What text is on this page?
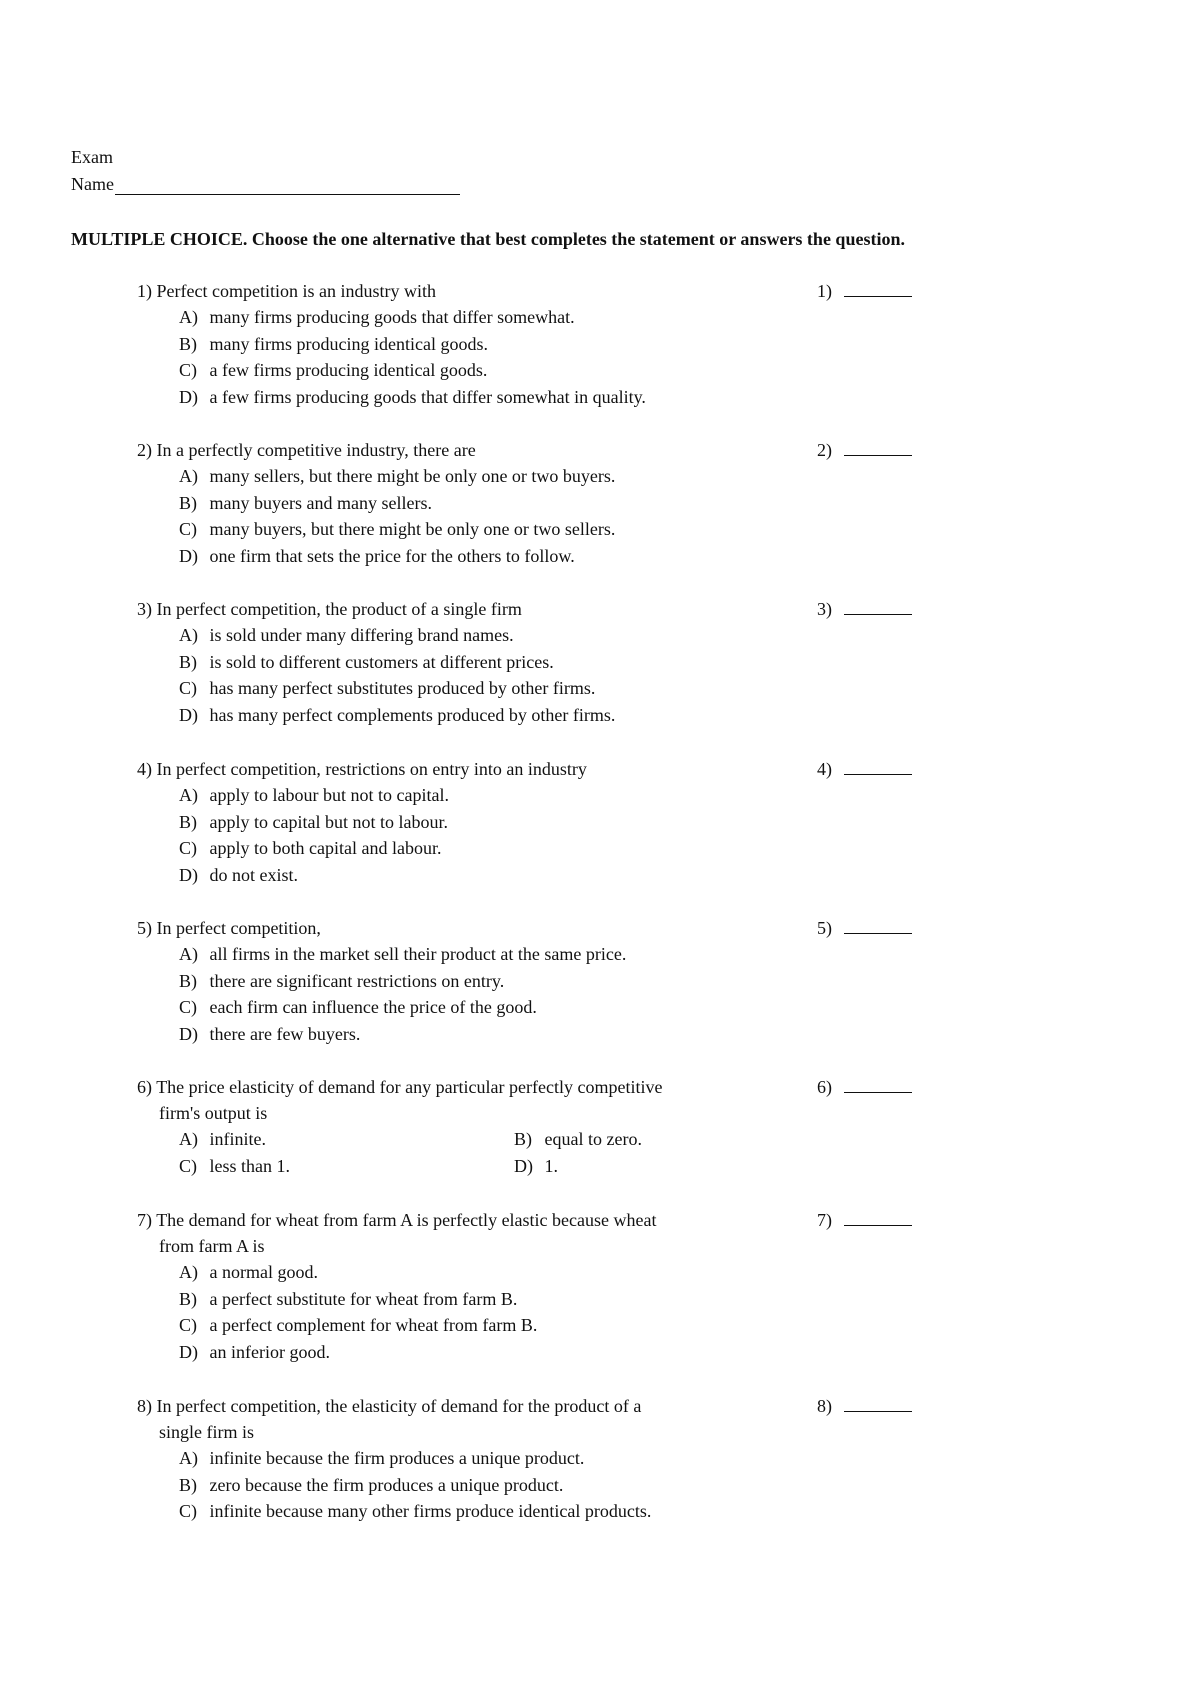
Exam
Name
MULTIPLE CHOICE. Choose the one alternative that best completes the statement or answers the question.
1) Perfect competition is an industry with	1)
A) many firms producing goods that differ somewhat.
B) many firms producing identical goods.
C) a few firms producing identical goods.
D) a few firms producing goods that differ somewhat in quality.
2) In a perfectly competitive industry, there are	2)
A) many sellers, but there might be only one or two buyers.
B) many buyers and many sellers.
C) many buyers, but there might be only one or two sellers.
D) one firm that sets the price for the others to follow.
3) In perfect competition, the product of a single firm	3)
A) is sold under many differing brand names.
B) is sold to different customers at different prices.
C) has many perfect substitutes produced by other firms.
D) has many perfect complements produced by other firms.
4) In perfect competition, restrictions on entry into an industry	4)
A) apply to labour but not to capital.
B) apply to capital but not to labour.
C) apply to both capital and labour.
D) do not exist.
5) In perfect competition,	5)
A) all firms in the market sell their product at the same price.
B) there are significant restrictions on entry.
C) each firm can influence the price of the good.
D) there are few buyers.
6) The price elasticity of demand for any particular perfectly competitive
firm's output is
6)
A) infinite.	B) equal to zero.
C) less than 1.	D) 1.
7) The demand for wheat from farm A is perfectly elastic because wheat
from farm A is
7)
A) a normal good.
B) a perfect substitute for wheat from farm B.
C) a perfect complement for wheat from farm B.
D) an inferior good.
8) In perfect competition, the elasticity of demand for the product of a
single firm is
8)
A) infinite because the firm produces a unique product.
B) zero because the firm produces a unique product.
C) infinite because many other firms produce identical products.
